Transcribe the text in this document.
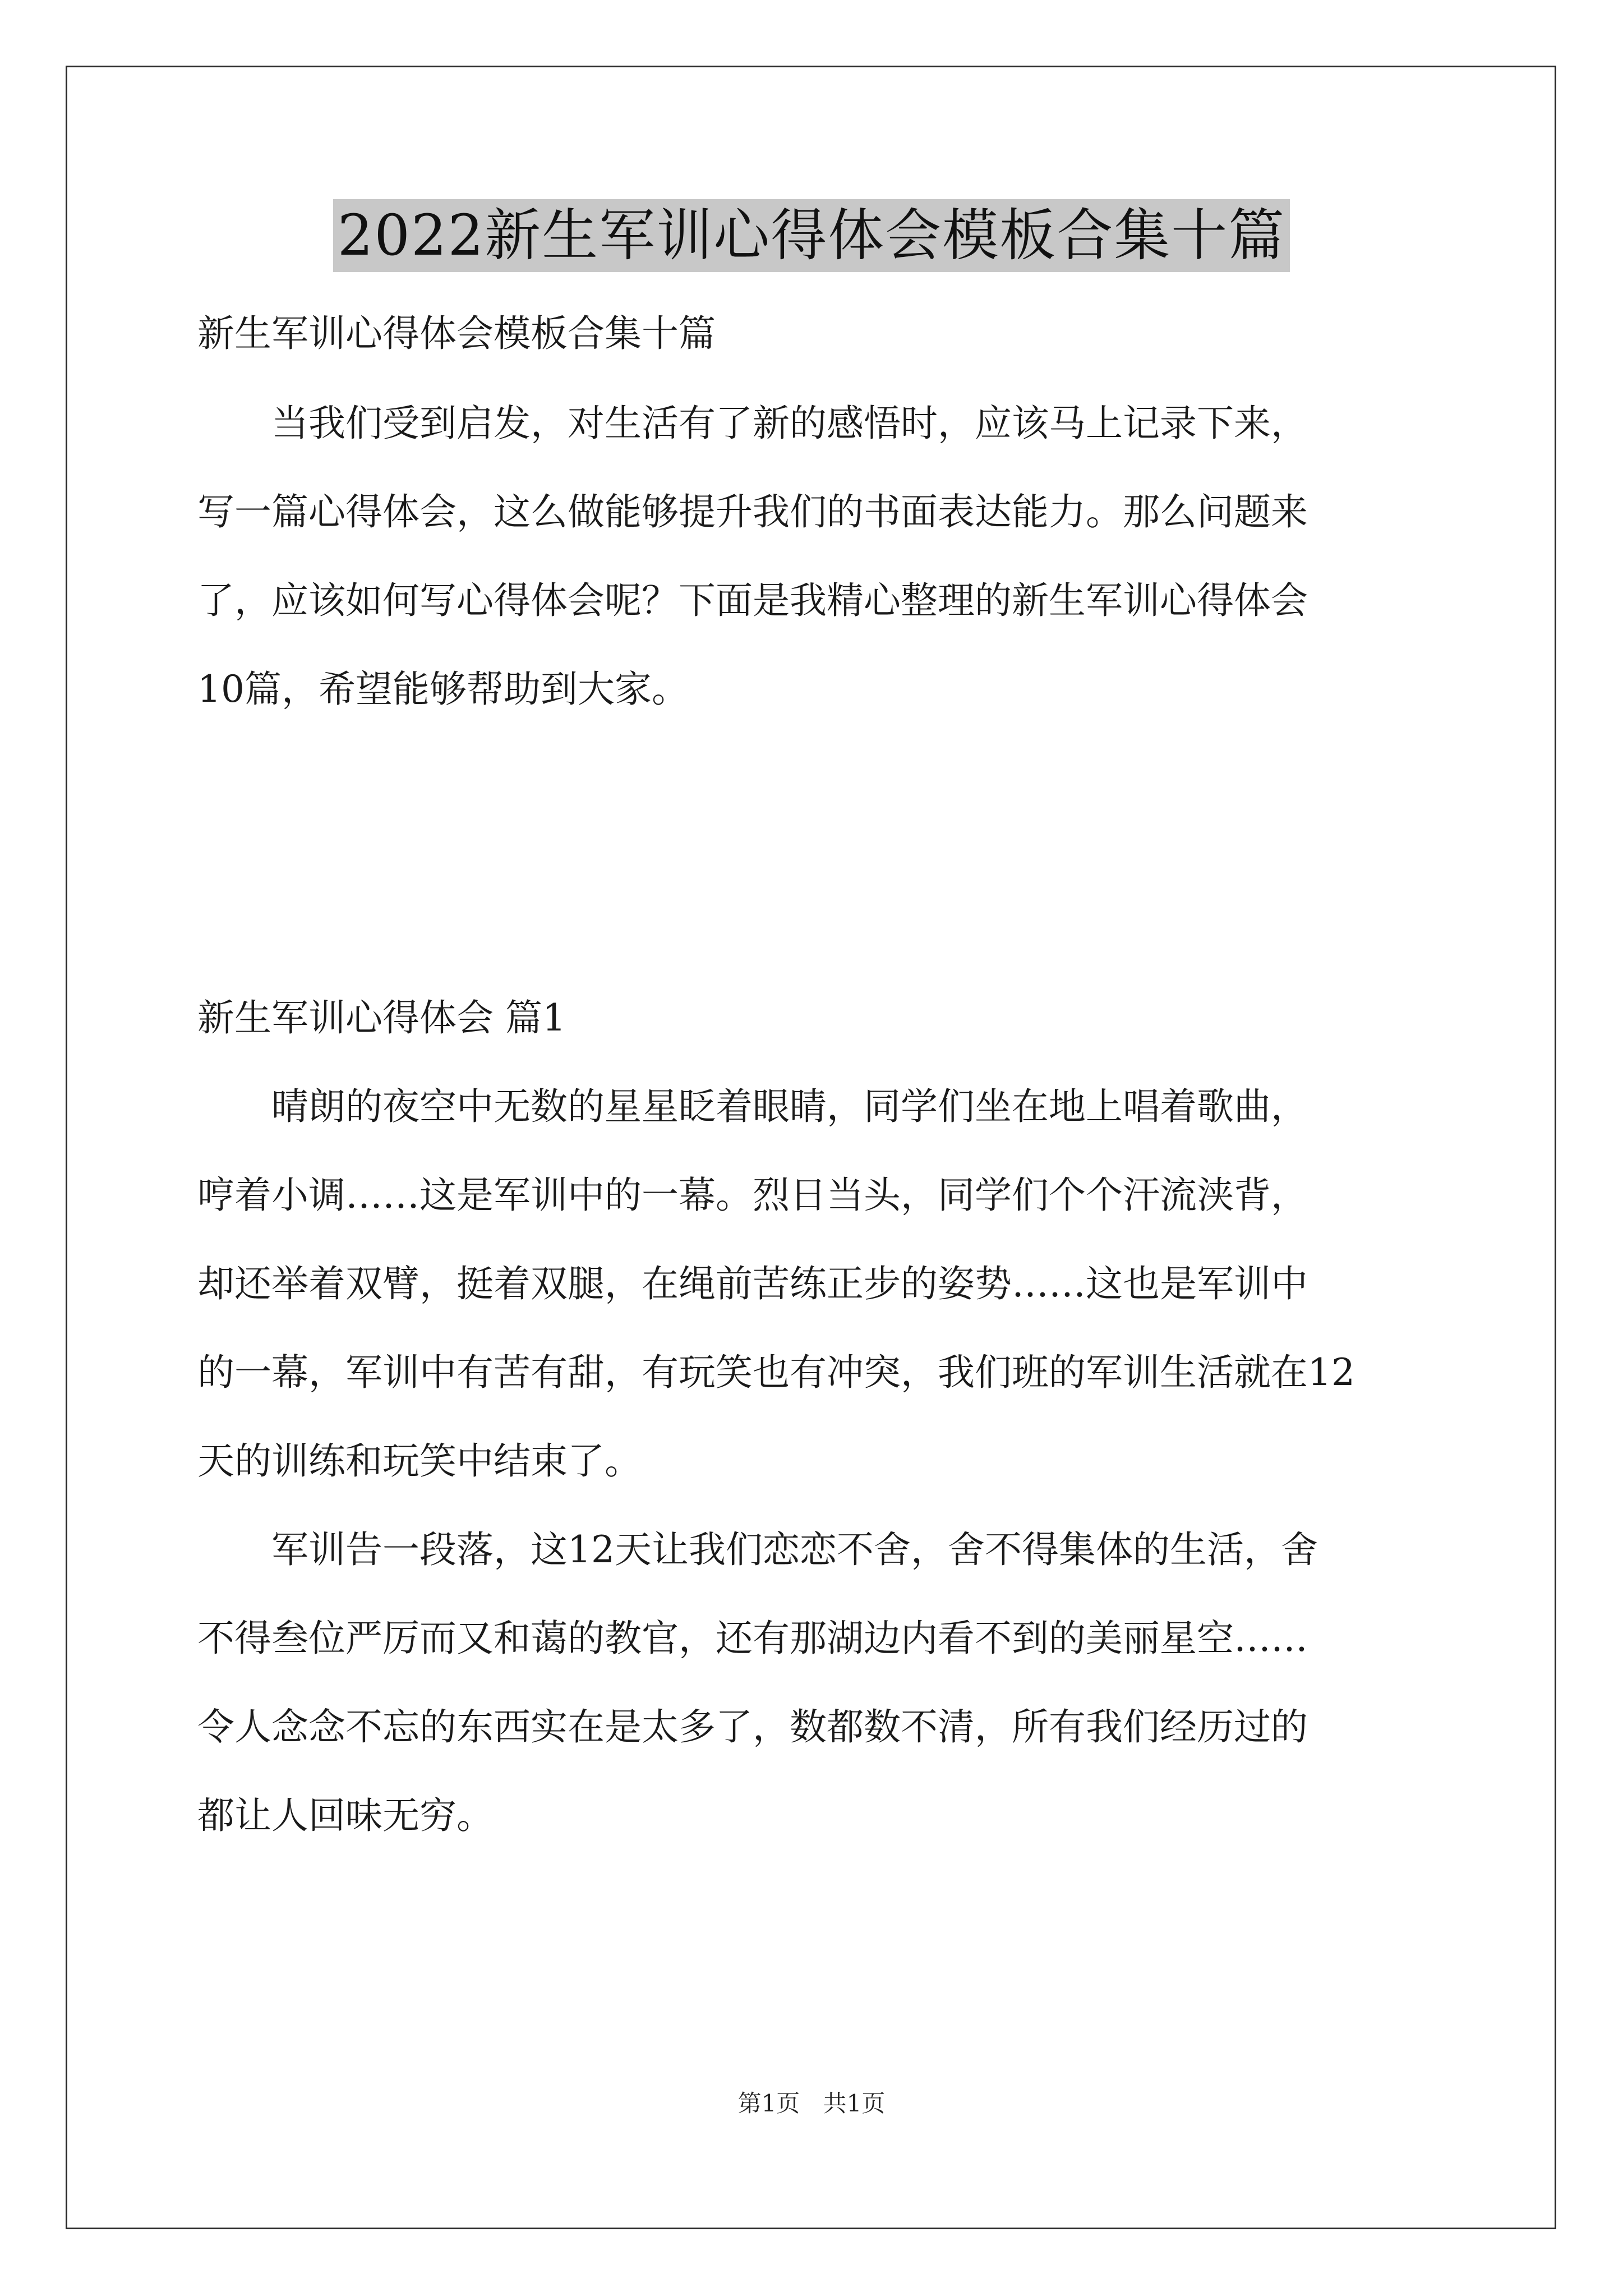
2022新生军训心得体会模板合集十篇
新生军训心得体会模板合集十篇
　　当我们受到启发，对生活有了新的感悟时，应该马上记录下来，
写一篇心得体会，这么做能够提升我们的书面表达能力。那么问题来
了，应该如何写心得体会呢？下面是我精心整理的新生军训心得体会
10篇，希望能够帮助到大家。
新生军训心得体会 篇1
　　晴朗的夜空中无数的星星眨着眼睛，同学们坐在地上唱着歌曲，
哼着小调……这是军训中的一幕。烈日当头，同学们个个汗流浃背，
却还举着双臂，挺着双腿，在绳前苦练正步的姿势……这也是军训中
的一幕，军训中有苦有甜，有玩笑也有冲突，我们班的军训生活就在12
天的训练和玩笑中结束了。
　　军训告一段落，这12天让我们恋恋不舍，舍不得集体的生活，舍
不得叁位严厉而又和蔼的教官，还有那湖边内看不到的美丽星空……
令人念念不忘的东西实在是太多了，数都数不清，所有我们经历过的
都让人回味无穷。
第1页 共1页
